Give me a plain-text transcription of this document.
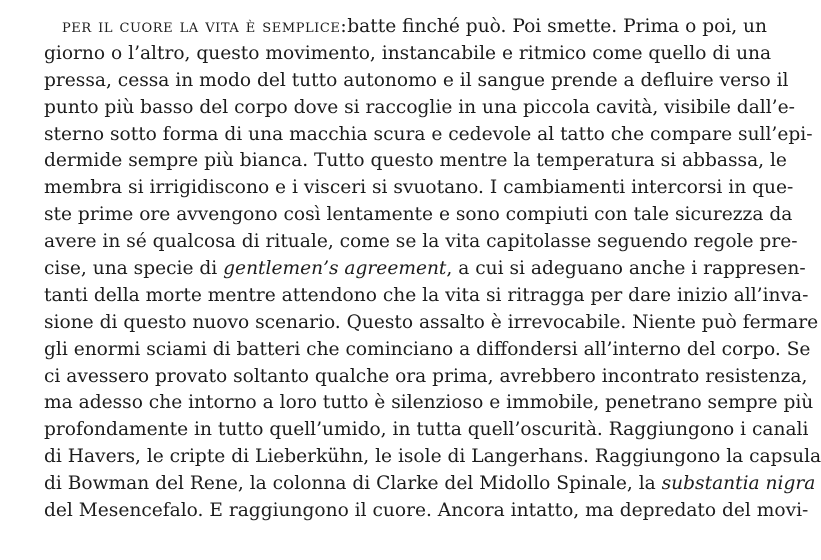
per il cuore la vita è semplice: batte finché può. Poi smette. Prima o poi, un
giorno o l’altro, questo movimento, instancabile e ritmico come quello di una
pressa, cessa in modo del tutto autonomo e il sangue prende a defluire verso il
punto più basso del corpo dove si raccoglie in una piccola cavità, visibile dall’e-
sterno sotto forma di una macchia scura e cedevole al tatto che compare sull’epi-
dermide sempre più bianca. Tutto questo mentre la temperatura si abbassa, le
membra si irrigidiscono e i visceri si svuotano. I cambiamenti intercorsi in que-
ste prime ore avvengono così lentamente e sono compiuti con tale sicurezza da
avere in sé qualcosa di rituale, come se la vita capitolasse seguendo regole pre-
cise, una specie di gentlemen’s agreement , a cui si adeguano anche i rappresen-
tanti della morte mentre attendono che la vita si ritragga per dare inizio all’inva-
sione di questo nuovo scenario. Questo assalto è irrevocabile. Niente può fermare
gli enormi sciami di batteri che cominciano a diffondersi all’interno del corpo. Se
ci avessero provato soltanto qualche ora prima, avrebbero incontrato resistenza,
ma adesso che intorno a loro tutto è silenzioso e immobile, penetrano sempre più
profondamente in tutto quell’umido, in tutta quell’oscurità. Raggiungono i canali
di Havers, le cripte di Lieberkühn, le isole di Langerhans. Raggiungono la capsula
di Bowman del Rene, la colonna di Clarke del Midollo Spinale, la substantia nigra
del Mesencefalo. E raggiungono il cuore. Ancora intatto, ma depredato del movi-
